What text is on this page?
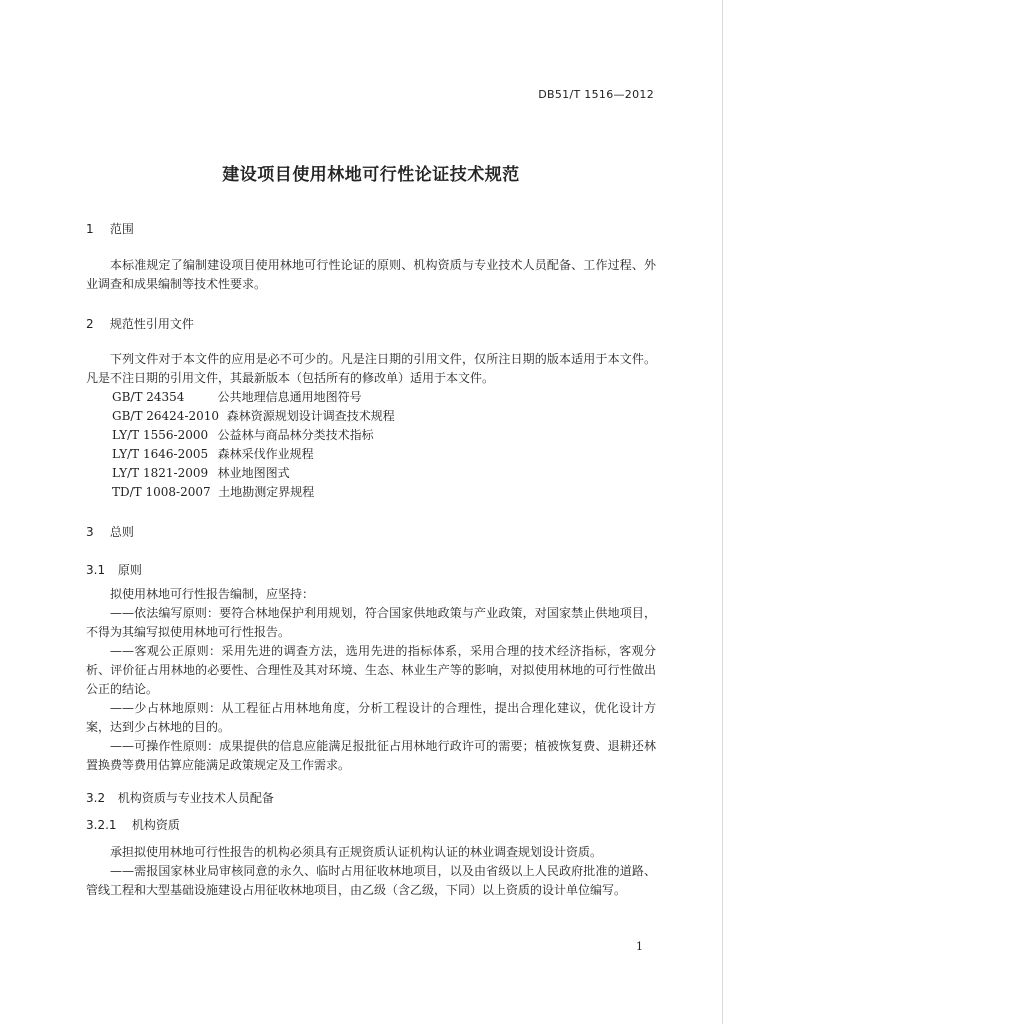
DB51/T 1516—2012
建设项目使用林地可行性论证技术规范
1 范围

本标准规定了编制建设项目使用林地可行性论证的原则、机构资质与专业技术人员配备、工作过程、外业调查和成果编制等技术性要求。

2 规范性引用文件

下列文件对于本文件的应用是必不可少的。凡是注日期的引用文件，仅所注日期的版本适用于本文件。凡是不注日期的引用文件，其最新版本（包括所有的修改单）适用于本文件。

GB/T 24354	公共地理信息通用地图符号

GB/T 26424-2010 森林资源规划设计调查技术规程

LY/T 1556-2000 公益林与商品林分类技术指标

LY/T 1646-2005 森林采伐作业规程

LY/T 1821-2009 林业地图图式

TD/T 1008-2007 土地勘测定界规程

3 总则
3.1 原则

拟使用林地可行性报告编制，应坚持：

——依法编写原则：要符合林地保护利用规划，符合国家供地政策与产业政策，对国家禁止供地项目，不得为其编写拟使用林地可行性报告。

——客观公正原则：采用先进的调查方法，选用先进的指标体系，采用合理的技术经济指标，客观分析、评价征占用林地的必要性、合理性及其对环境、生态、林业生产等的影响，对拟使用林地的可行性做出公正的结论。

——少占林地原则：从工程征占用林地角度，分析工程设计的合理性，提出合理化建议，优化设计方案，达到少占林地的目的。

——可操作性原则：成果提供的信息应能满足报批征占用林地行政许可的需要；植被恢复费、退耕还林置换费等费用估算应能满足政策规定及工作需求。

3.2 机构资质与专业技术人员配备
3.2.1 机构资质

承担拟使用林地可行性报告的机构必须具有正规资质认证机构认证的林业调查规划设计资质。

——需报国家林业局审核同意的永久、临时占用征收林地项目，以及由省级以上人民政府批准的道路、管线工程和大型基础设施建设占用征收林地项目，由乙级（含乙级，下同）以上资质的设计单位编写。

1
